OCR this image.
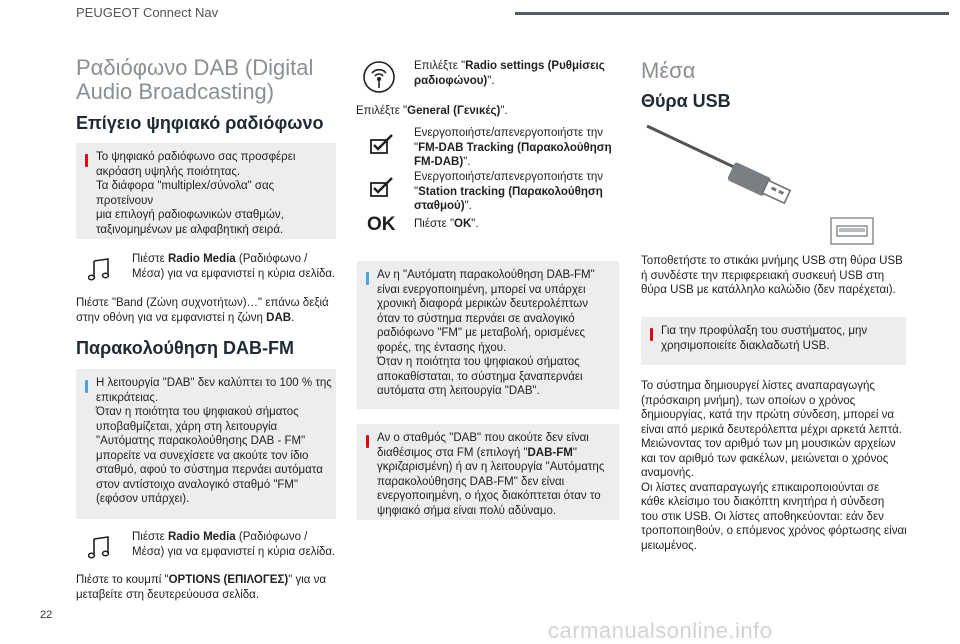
PEUGEOT Connect Nav
Ραδιόφωνο DAB (Digital
Audio Broadcasting)
Επίγειο ψηφιακό ραδιόφωνο

Το ψηφιακό ραδιόφωνο σας προσφέρει

ακρόαση υψηλής ποιότητας.

Τα διάφορα "multiplex/σύνολα" σας προτείνουν

μια επιλογή ραδιοφωνικών σταθμών,

ταξινομημένων με αλφαβητική σειρά.

Πιέστε Radio Media (Ραδιόφωνο /

Μέσα) για να εμφανιστεί η κύρια σελίδα.

Πιέστε "Band (Ζώνη συχνοτήτων)…" επάνω δεξιά

στην οθόνη για να εμφανιστεί η ζώνη DAB.

Παρακολούθηση DAB-FM

Η λειτουργία "DAB" δεν καλύπτει το 100 % της

επικράτειας.

Όταν η ποιότητα του ψηφιακού σήματος

υποβαθμίζεται, χάρη στη λειτουργία

"Αυτόματης παρακολούθησης DAB - FM"

μπορείτε να συνεχίσετε να ακούτε τον ίδιο

σταθμό, αφού το σύστημα περνάει αυτόματα

στον αντίστοιχο αναλογικό σταθμό "FM"

(εφόσον υπάρχει).

Πιέστε Radio Media (Ραδιόφωνο /

Μέσα) για να εμφανιστεί η κύρια σελίδα.

Πιέστε το κουμπί "OPTIONS (ΕΠΙΛΟΓΕΣ)" για να

μεταβείτε στη δευτερεύουσα σελίδα.

Επιλέξτε "Radio settings (Ρυθμίσεις

ραδιοφώνου)".

Επιλέξτε "General (Γενικές)".

Ενεργοποιήστε/απενεργοποιήστε την

"FM-DAB Tracking (Παρακολούθηση

FM-DAB)".

Ενεργοποιήστε/απενεργοποιήστε την

"Station tracking (Παρακολούθηση

σταθμού)".

OK Πιέστε "OK".

Αν η "Αυτόματη παρακολούθηση DAB-FM"

είναι ενεργοποιημένη, μπορεί να υπάρχει

χρονική διαφορά μερικών δευτερολέπτων

όταν το σύστημα περνάει σε αναλογικό

ραδιόφωνο "FM" με μεταβολή, ορισμένες

φορές, της έντασης ήχου.

Όταν η ποιότητα του ψηφιακού σήματος

αποκαθίσταται, το σύστημα ξαναπερνάει

αυτόματα στη λειτουργία "DAB".

Αν ο σταθμός "DAB" που ακούτε δεν είναι

διαθέσιμος στα FM (επιλογή "DAB-FM"

γκριζαρισμένη) ή αν η λειτουργία "Αυτόματης

παρακολούθησης DAB-FM" δεν είναι

ενεργοποιημένη, ο ήχος διακόπτεται όταν το

ψηφιακό σήμα είναι πολύ αδύναμο.

Μέσα
Θύρα USB

Τοποθετήστε το στικάκι μνήμης USB στη θύρα USB

ή συνδέστε την περιφερειακή συσκευή USB στη

θύρα USB με κατάλληλο καλώδιο (δεν παρέχεται).

Για την προφύλαξη του συστήματος, μην

χρησιμοποιείτε διακλαδωτή USB.

Το σύστημα δημιουργεί λίστες αναπαραγωγής

(πρόσκαιρη μνήμη), των οποίων ο χρόνος

δημιουργίας, κατά την πρώτη σύνδεση, μπορεί να

είναι από μερικά δευτερόλεπτα μέχρι αρκετά λεπτά.

Μειώνοντας τον αριθμό των μη μουσικών αρχείων

και τον αριθμό των φακέλων, μειώνεται ο χρόνος

αναμονής.

Οι λίστες αναπαραγωγής επικαιροποιούνται σε

κάθε κλείσιμο του διακόπτη κινητήρα ή σύνδεση

του στικ USB. Οι λίστες αποθηκεύονται: εάν δεν

τροποποιηθούν, ο επόμενος χρόνος φόρτωσης είναι

μειωμένος.

22
carmanualsonline.info
